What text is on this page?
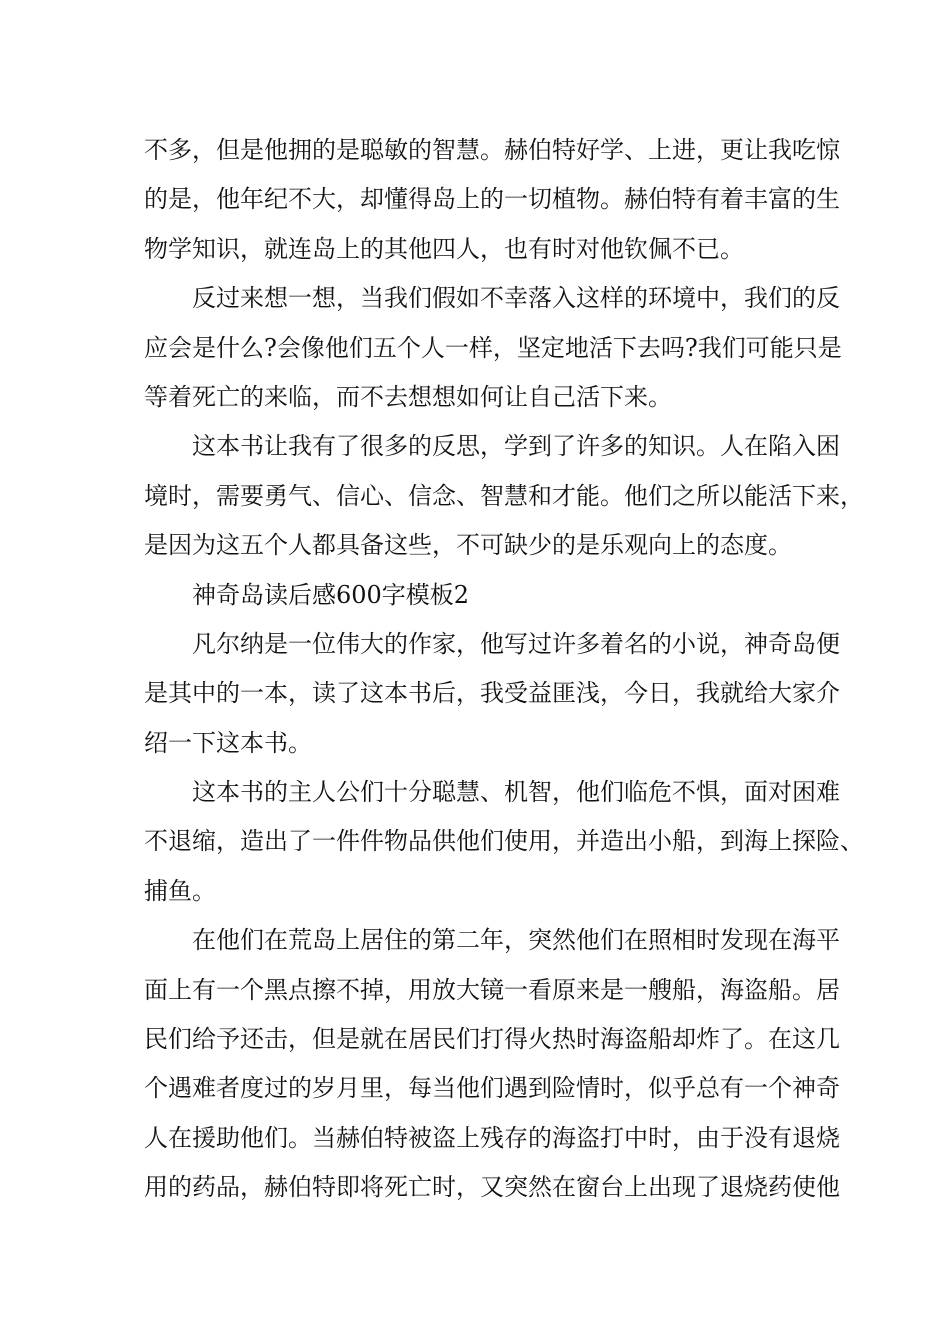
不多，但是他拥的是聪敏的智慧。赫伯特好学、上进，更让我吃惊
的是，他年纪不大，却懂得岛上的一切植物。赫伯特有着丰富的生
物学知识，就连岛上的其他四人，也有时对他钦佩不已。
反过来想一想，当我们假如不幸落入这样的环境中，我们的反
应会是什么?会像他们五个人一样，坚定地活下去吗?我们可能只是
等着死亡的来临，而不去想想如何让自己活下来。
这本书让我有了很多的反思，学到了许多的知识。人在陷入困
境时，需要勇气、信心、信念、智慧和才能。他们之所以能活下来，
是因为这五个人都具备这些，不可缺少的是乐观向上的态度。
神奇岛读后感600字模板2
凡尔纳是一位伟大的作家，他写过许多着名的小说，神奇岛便
是其中的一本，读了这本书后，我受益匪浅，今日，我就给大家介
绍一下这本书。
这本书的主人公们十分聪慧、机智，他们临危不惧，面对困难
不退缩，造出了一件件物品供他们使用，并造出小船，到海上探险、
捕鱼。
在他们在荒岛上居住的第二年，突然他们在照相时发现在海平
面上有一个黑点擦不掉，用放大镜一看原来是一艘船，海盗船。居
民们给予还击，但是就在居民们打得火热时海盗船却炸了。在这几
个遇难者度过的岁月里，每当他们遇到险情时，似乎总有一个神奇
人在援助他们。当赫伯特被盗上残存的海盗打中时，由于没有退烧
用的药品，赫伯特即将死亡时，又突然在窗台上出现了退烧药使他
